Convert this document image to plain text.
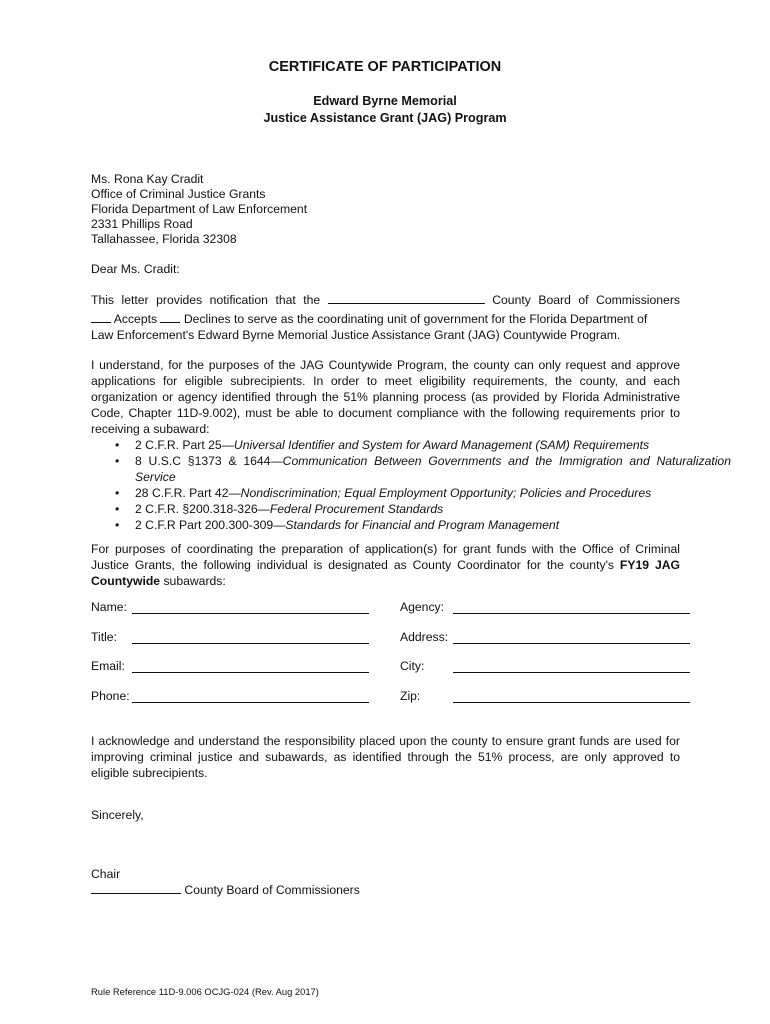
CERTIFICATE OF PARTICIPATION

Edward Byrne Memorial

Justice Assistance Grant (JAG) Program

Ms. Rona Kay Cradit
Office of Criminal Justice Grants
Florida Department of Law Enforcement
2331 Phillips Road
Tallahassee, Florida 32308

Dear Ms. Cradit:

This letter provides notification that the	County Board of Commissioners
Accepts Declines to serve as the coordinating unit of government for the Florida Department of
Law Enforcement's Edward Byrne Memorial Justice Assistance Grant (JAG) Countywide Program.

I understand, for the purposes of the JAG Countywide Program, the county can only request and approve applications for eligible subrecipients. In order to meet eligibility requirements, the county, and each organization or agency identified through the 51% planning process (as provided by Florida Administrative Code, Chapter 11D-9.002), must be able to document compliance with the following requirements prior to receiving a subaward:

• 2 C.F.R. Part 25—Universal Identifier and System for Award Management (SAM) Requirements
• 8 U.S.C §1373 & 1644—Communication Between Governments and the Immigration and Naturalization Service
• 28 C.F.R. Part 42—Nondiscrimination; Equal Employment Opportunity; Policies and Procedures
• 2 C.F.R. §200.318-326—Federal Procurement Standards
• 2 C.F.R Part 200.300-309—Standards for Financial and Program Management

For purposes of coordinating the preparation of application(s) for grant funds with the Office of Criminal Justice Grants, the following individual is designated as County Coordinator for the county's FY19 JAG Countywide subawards:

Name:	Agency:
Title:	Address:
Email:	City:
Phone:	Zip:

I acknowledge and understand the responsibility placed upon the county to ensure grant funds are used for improving criminal justice and subawards, as identified through the 51% process, are only approved to eligible subrecipients.

Sincerely,

Chair

County Board of Commissioners

Rule Reference 11D-9.006 OCJG-024 (Rev. Aug 2017)
